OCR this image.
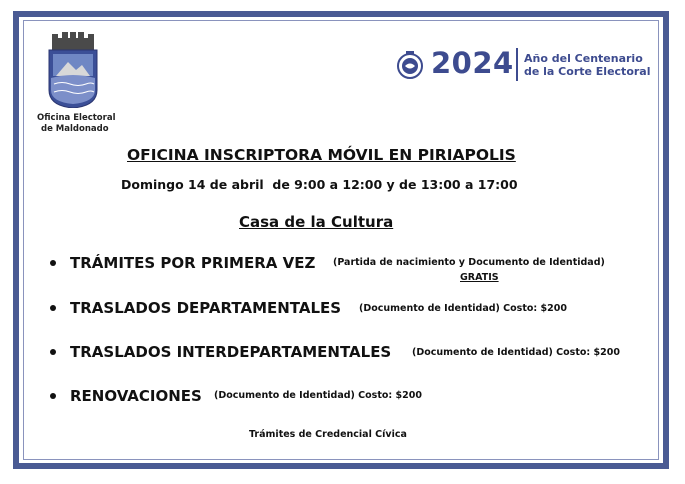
Oficina Electoral
de Maldonado
2024 Año del Centenario
de la Corte Electoral
OFICINA INSCRIPTORA MÓVIL EN PIRIAPOLIS
Domingo 14 de abril  de 9:00 a 12:00 y de 13:00 a 17:00
Casa de la Cultura
TRÁMITES POR PRIMERA VEZ (Partida de nacimiento y Documento de Identidad)
GRATIS
TRASLADOS DEPARTAMENTALES (Documento de Identidad) Costo: $200
TRASLADOS INTERDEPARTAMENTALES (Documento de Identidad) Costo: $200
RENOVACIONES (Documento de Identidad) Costo: $200
Trámites de Credencial Cívica
